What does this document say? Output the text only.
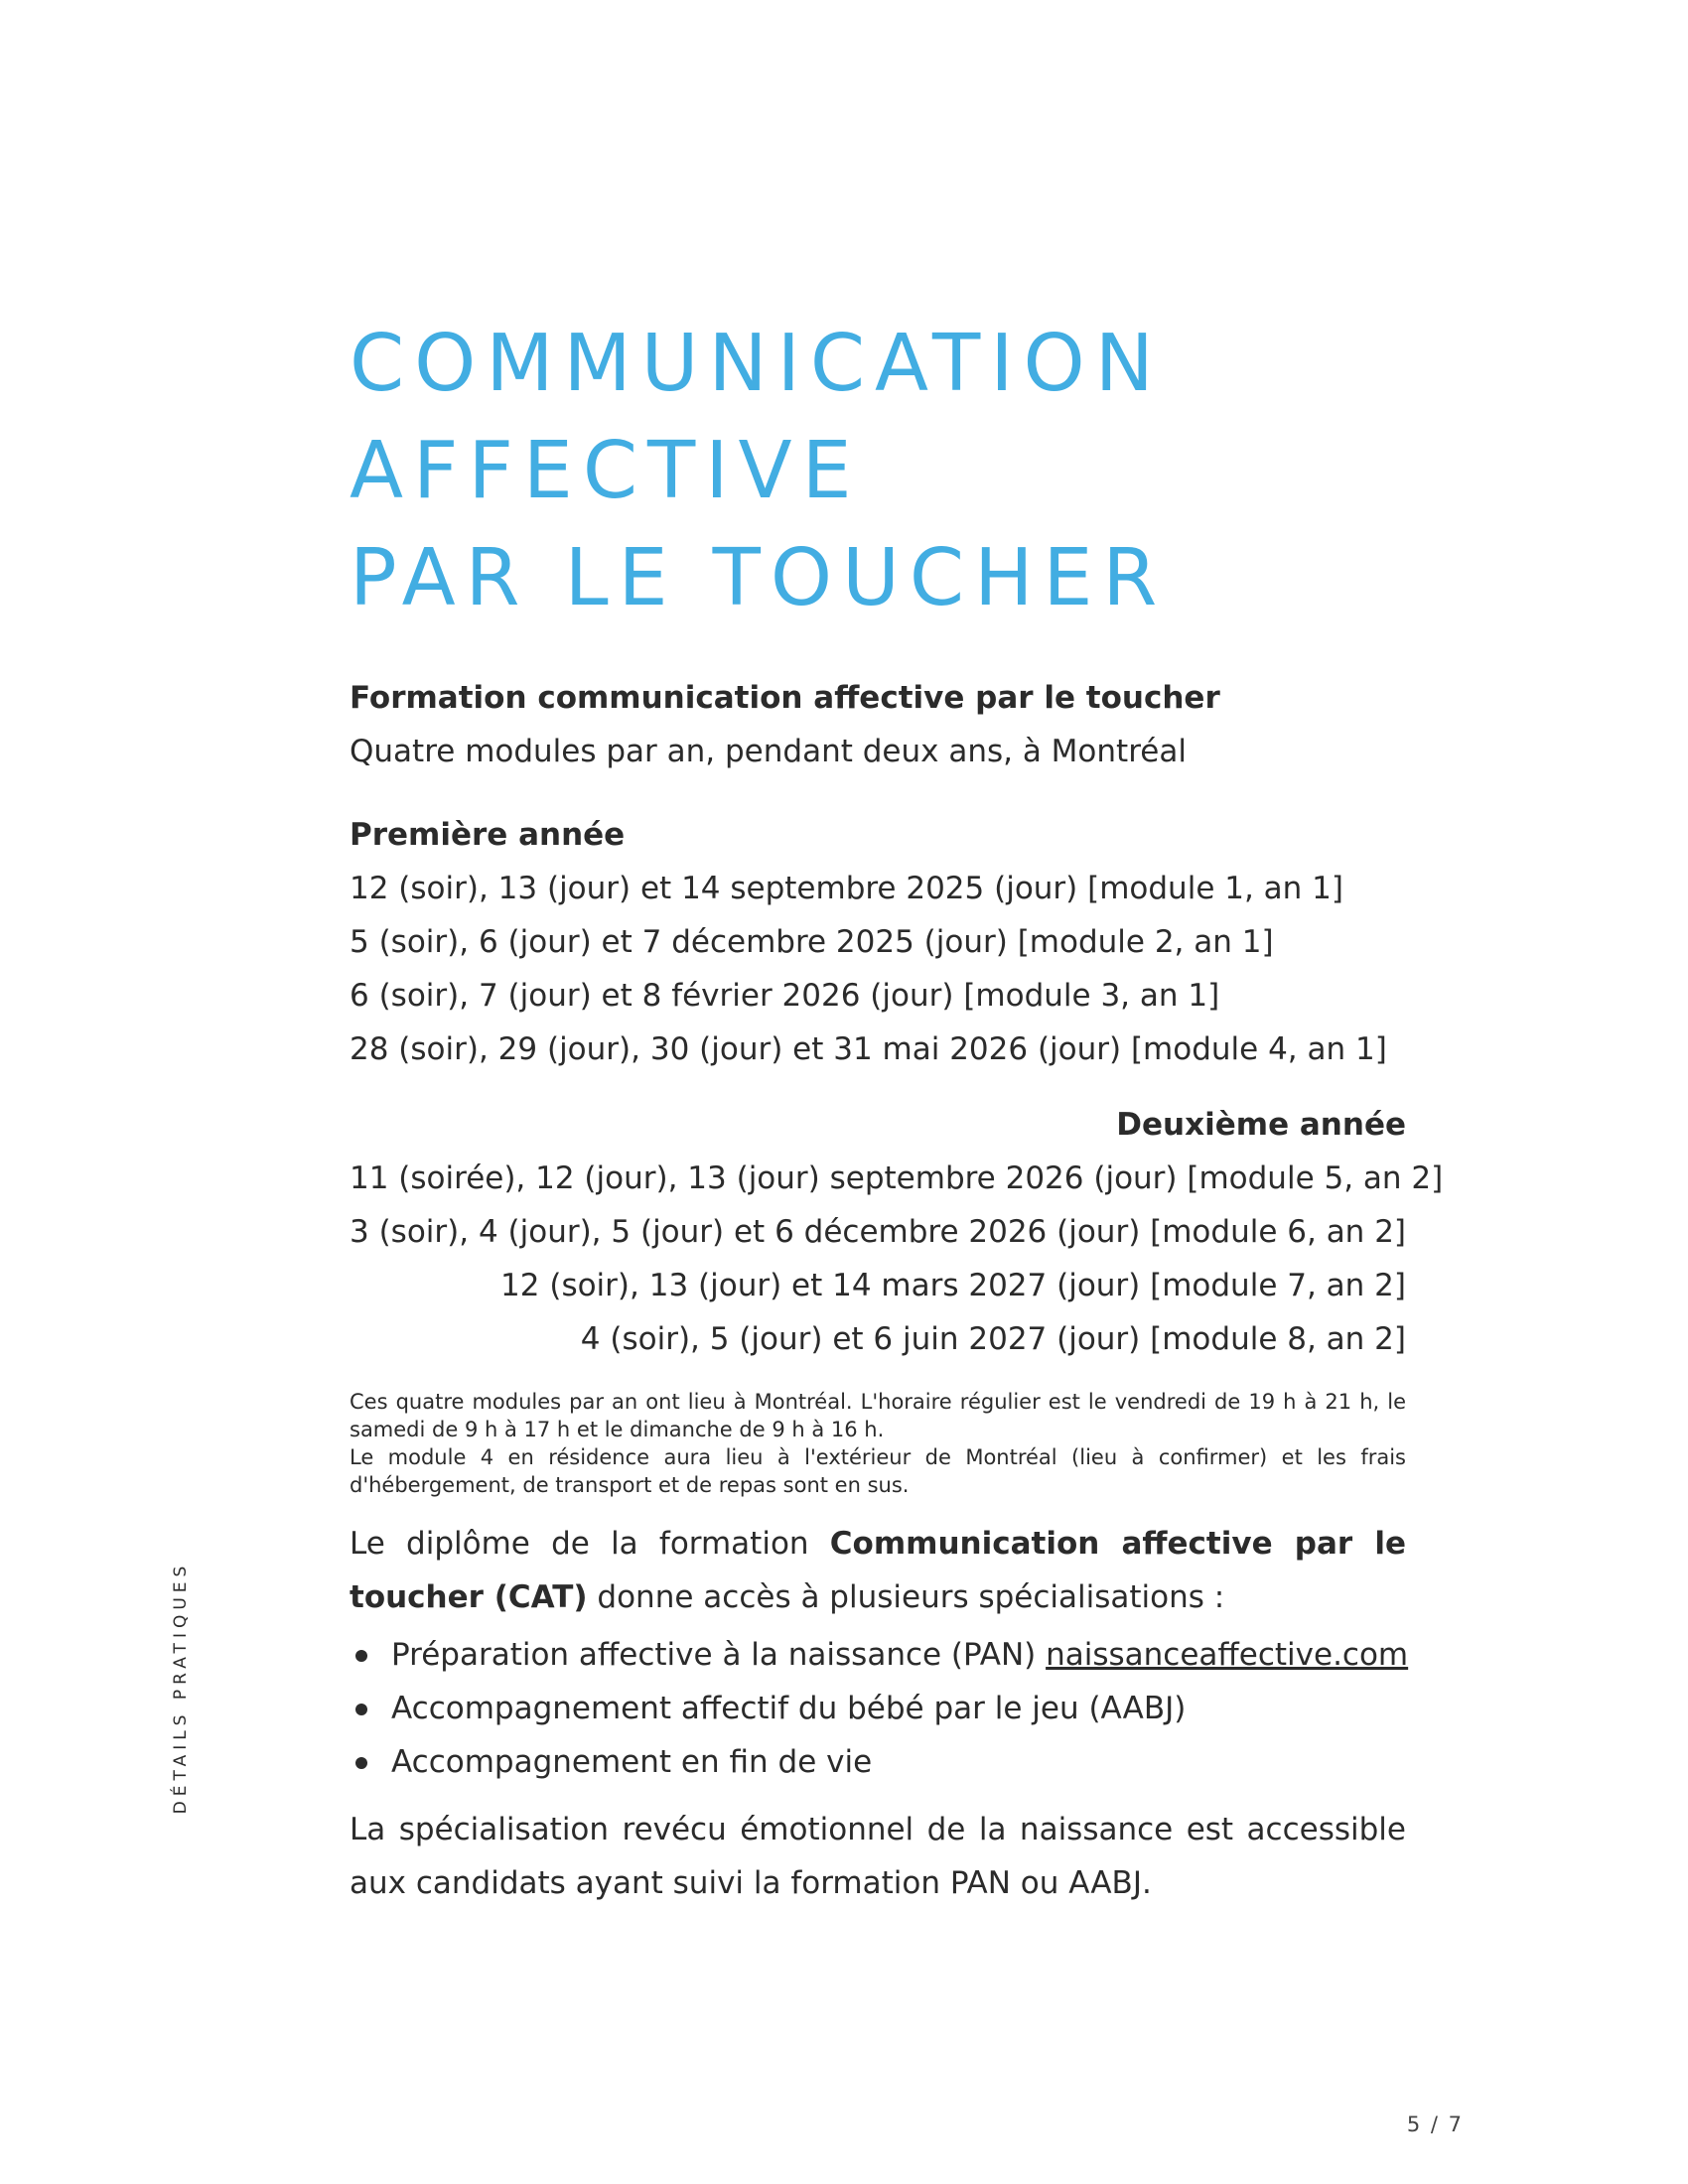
COMMUNICATION
AFFECTIVE
PAR LE TOUCHER

Formation communication affective par le toucher

Quatre modules par an, pendant deux ans, à Montréal

Première année

12 (soir), 13 (jour) et 14 septembre 2025 (jour) [module 1, an 1]

5 (soir), 6 (jour) et 7 décembre 2025 (jour) [module 2, an 1]

6 (soir), 7 (jour) et 8 février 2026 (jour) [module 3, an 1]

28 (soir), 29 (jour), 30 (jour) et 31 mai 2026 (jour) [module 4, an 1]

Deuxième année

11 (soirée), 12 (jour), 13 (jour) septembre 2026 (jour) [module 5, an 2]

3 (soir), 4 (jour), 5 (jour) et 6 décembre 2026 (jour) [module 6, an 2]

12 (soir), 13 (jour) et 14 mars 2027 (jour) [module 7, an 2]

4 (soir), 5 (jour) et 6 juin 2027 (jour) [module 8, an 2]

Ces quatre modules par an ont lieu à Montréal. L'horaire régulier est le vendredi de 19 h à 21 h, le samedi de 9 h à 17 h et le dimanche de 9 h à 16 h.

Le module 4 en résidence aura lieu à l'extérieur de Montréal (lieu à confirmer) et les frais d'hébergement, de transport et de repas sont en sus.

Le diplôme de la formation Communication affective par le toucher (CAT) donne accès à plusieurs spécialisations :

Préparation affective à la naissance (PAN) naissanceaffective.com
Accompagnement affectif du bébé par le jeu (AABJ)
Accompagnement en fin de vie

La spécialisation revécu émotionnel de la naissance est accessible aux candidats ayant suivi la formation PAN ou AABJ.

DÉTAILS PRATIQUES
5 / 7
